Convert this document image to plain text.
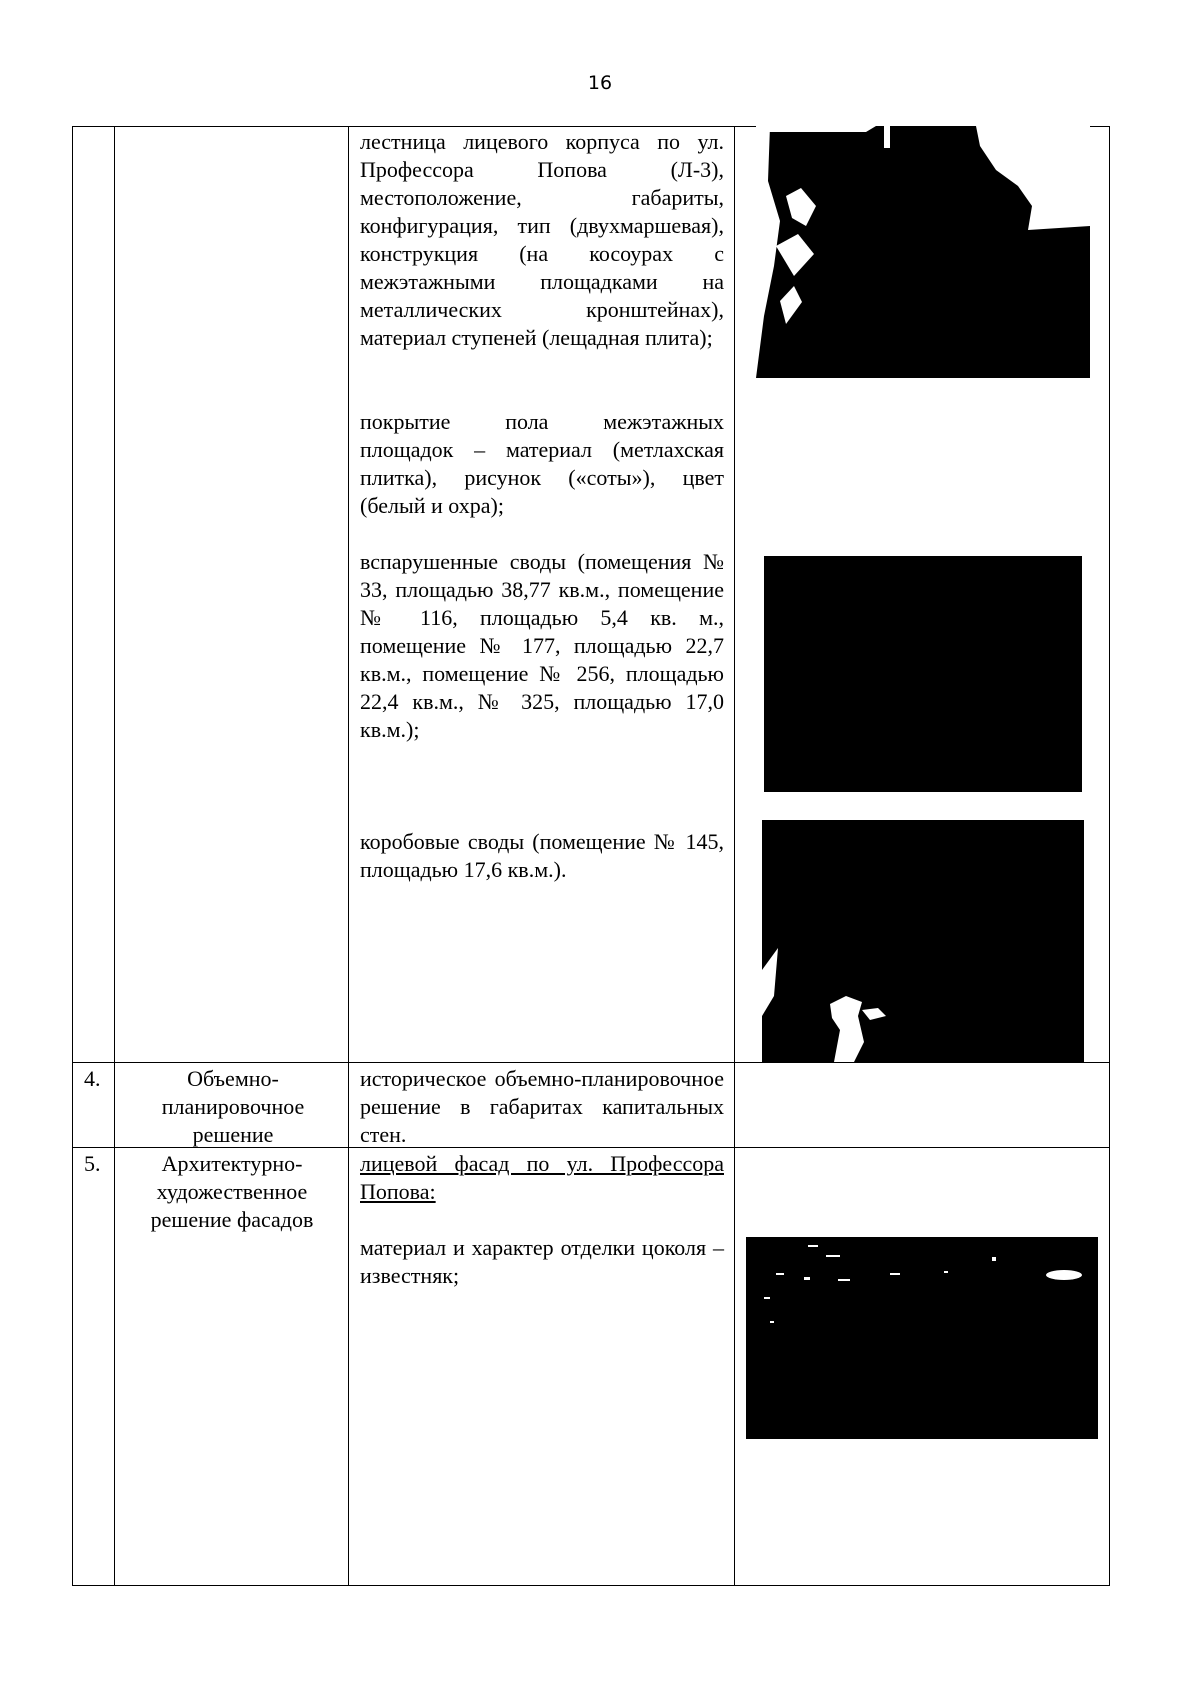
16
лестница лицевого корпуса по ул. Профессора Попова (Л-3), местоположение, габариты, конфигурация, тип (двухмаршевая), конструкция (на косоурах с межэтажными площадками на металлических кронштейнах), материал ступеней (лещадная плита);
покрытие пола межэтажных площадок – материал (метлахская плитка), рисунок («соты»), цвет (белый и охра);
вспарушенные своды (помещения № 33, площадью 38,77 кв.м., помещение № 116, площадью 5,4 кв. м., помещение № 177, площадью 22,7 кв.м., помещение № 256, площадью 22,4 кв.м., № 325, площадью 17,0 кв.м.);
коробовые своды (помещение № 145, площадью 17,6 кв.м.).
4.	Объемно-планировочное решение
историческое объемно-планировочное решение в габаритах капитальных стен.
5.	Архитектурно-художественное решение фасадов
лицевой фасад по ул. Профессора Попова:
материал и характер отделки цоколя – известняк;
